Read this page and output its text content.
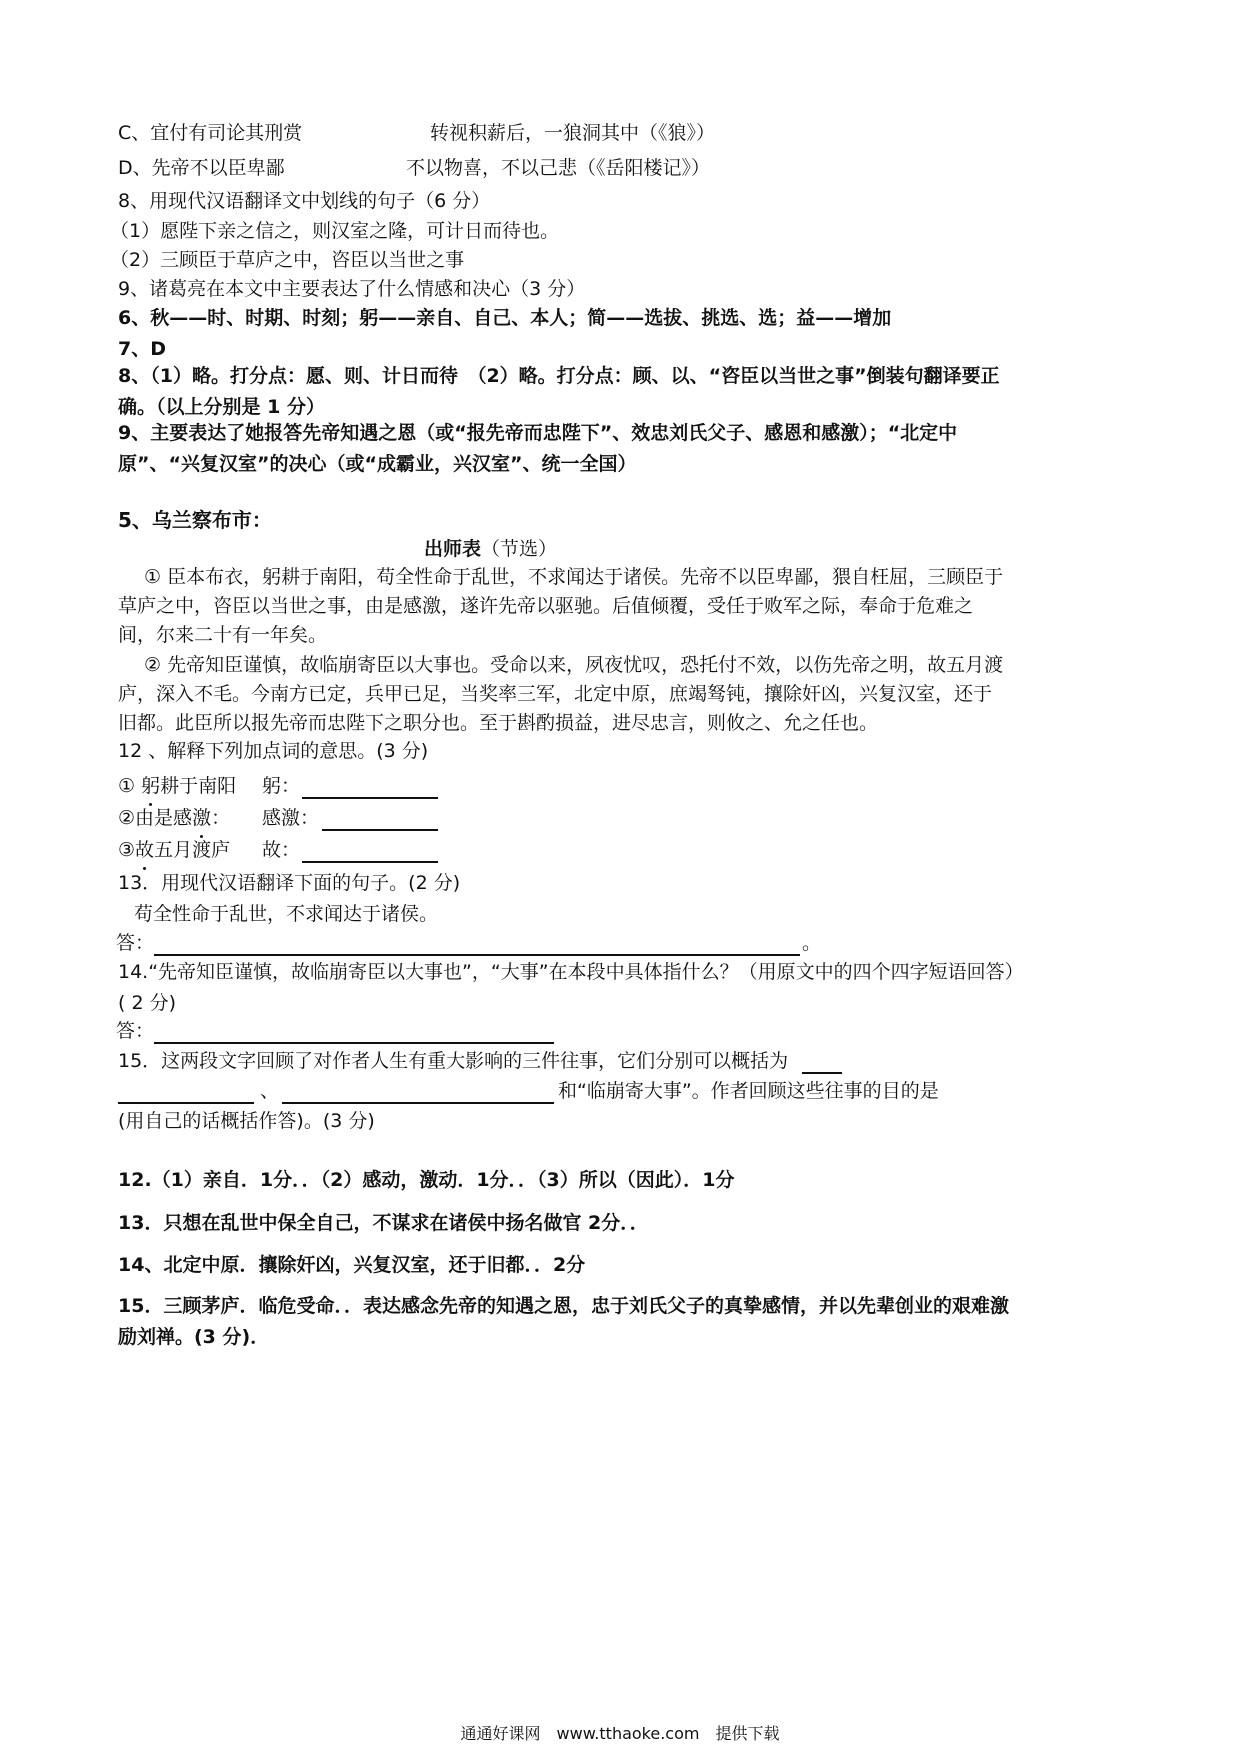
C、宜付有司论其刑赏	转视积薪后，一狼洞其中（《狼》）
D、先帝不以臣卑鄙	不以物喜，不以己悲（《岳阳楼记》）
8、用现代汉语翻译文中划线的句子（6 分）
（1）愿陛下亲之信之，则汉室之隆，可计日而待也。
（2）三顾臣于草庐之中，咨臣以当世之事
9、诸葛亮在本文中主要表达了什么情感和决心（3 分）
6、秋——时、时期、时刻；躬——亲自、自己、本人；简——选拔、挑选、选；益——增加
7、D
8、（1）略。打分点：愿、则、计日而待　（2）略。打分点：顾、以、“咨臣以当世之事”倒装句翻译要正确。（以上分别是 1 分）
9、主要表达了她报答先帝知遇之恩（或“报先帝而忠陛下”、效忠刘氏父子、感恩和感激）；“北定中原”、“兴复汉室”的决心（或“成霸业，兴汉室”、统一全国）
5、乌兰察布市：
出师表（节选）
① 臣本布衣，躬耕于南阳，苟全性命于乱世，不求闻达于诸侯。先帝不以臣卑鄙，猥自枉屈，三顾臣于草庐之中，咨臣以当世之事，由是感激，遂许先帝以驱驰。后值倾覆，受任于败军之际，奉命于危难之间，尔来二十有一年矣。
② 先帝知臣谨慎，故临崩寄臣以大事也。受命以来，夙夜忧叹，恐托付不效，以伤先帝之明，故五月渡庐，深入不毛。今南方已定，兵甲已足，当奖率三军，北定中原，庶竭驽钝，攘除奸凶，兴复汉室，还于旧都。此臣所以报先帝而忠陛下之职分也。至于斟酌损益，进尽忠言，则攸之、允之任也。
12 、解释下列加点词的意思。(3 分)
① 躬耕于南阳 躬：
②由是感激： 感激：
③故五月渡庐 故：
13．用现代汉语翻译下面的句子。(2 分)
苟全性命于乱世，不求闻达于诸侯。
答：	。
14.“先帝知臣谨慎，故临崩寄臣以大事也”，“大事”在本段中具体指什么？（用原文中的四个四字短语回答）( 2 分)
答：
15．这两段文字回顾了对作者人生有重大影响的三件往事，它们分别可以概括为
、	和“临崩寄大事”。作者回顾这些往事的目的是
(用自己的话概括作答)。(3 分)
12.（1）亲自．1分．．（2）感动，激动．1分．．（3）所以（因此）．1分
13．只想在乱世中保全自己，不谋求在诸侯中扬名做官 2分．．
14、北定中原．攘除奸凶，兴复汉室，还于旧都．．2分
15．三顾茅庐．临危受命．．表达感念先帝的知遇之恩，忠于刘氏父子的真挚感情，并以先辈创业的艰难激励刘禅。(3 分)．
通通好课网 www.tthaoke.com 提供下载
